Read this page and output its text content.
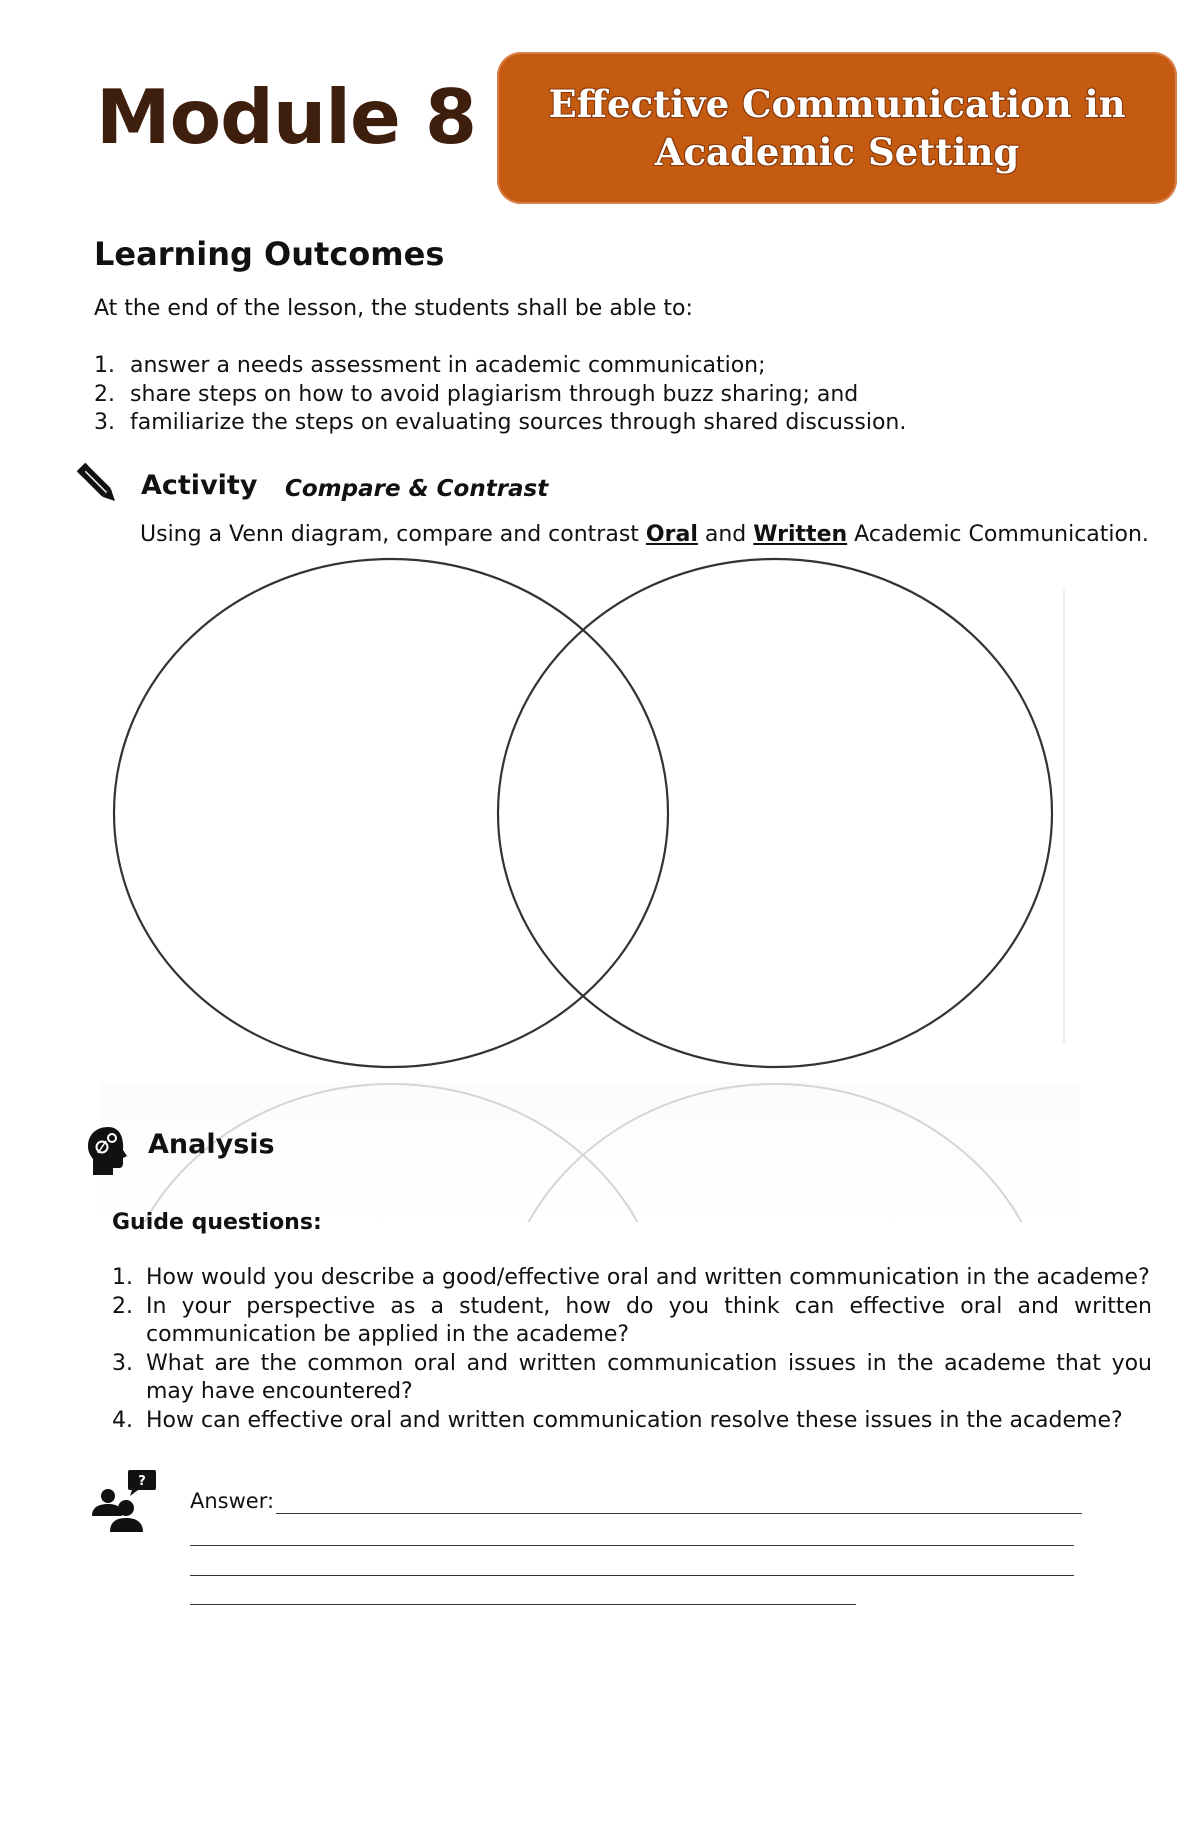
Module 8 Effective Communication in
Academic Setting
Learning Outcomes
At the end of the lesson, the students shall be able to:
1. answer a needs assessment in academic communication;
2. share steps on how to avoid plagiarism through buzz sharing; and
3. familiarize the steps on evaluating sources through shared discussion.
Activity Compare & Contrast
Using a Venn diagram, compare and contrast Oral and Written Academic Communication.
Analysis
Guide questions:
1. How would you describe a good/effective oral and written communication in the academe?
2. In your perspective as a student, how do you think can effective oral and written communication be applied in the academe?
3. What are the common oral and written communication issues in the academe that you may have encountered?
4. How can effective oral and written communication resolve these issues in the academe?
?
Answer:
